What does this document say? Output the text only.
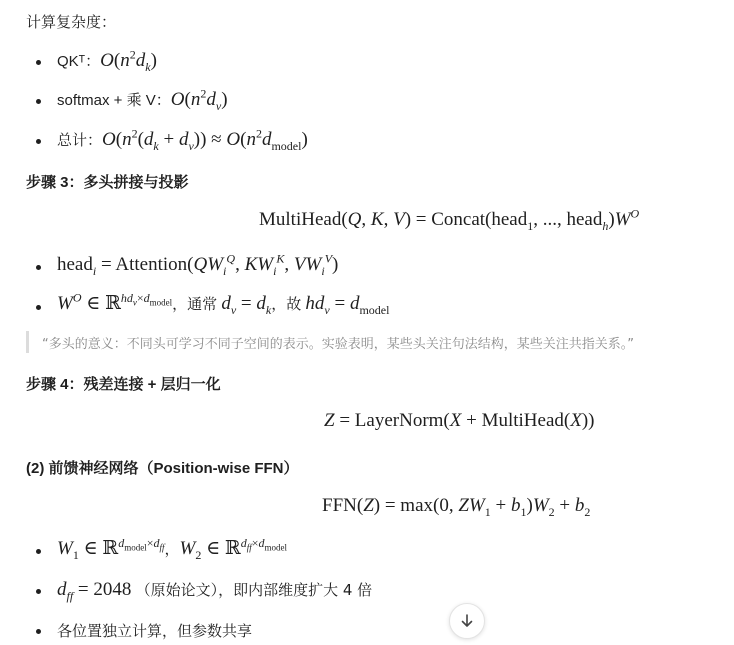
计算复杂度：
QKᵀ：$O(n^2d_k)$
softmax + 乘 V：$O(n^2d_v)$
总计：$O(n^2(d_k + d_v)) \approx O(n^2d_{model})$
步骤 3：多头拼接与投影
MultiHead(Q, K, V) = Concat(head$_1$, ..., $head_h)W^O$
head$_i$ = $Attention(QW_i^Q$, $KW_i^K$, $VW_i^V$)
$W^O$ ∈ ℝ$^{hd_v\times d_{model}}$，通常 $d_v = d_k$，故 $hd_v = d_{model}$
“多头的意义：不同头可学习不同子空间的表示。实验表明，某些头关注句法结构，某些关注共指关系。”
步骤 4：残差连接 + 层归一化
Z = LayerNorm(X + MultiHead(X))
(2) 前馈神经网络（Position-wise FFN）
FFN(Z) = max(0, $ZW_1 + b_1)W_2 + b_2$
$W_1$ ∈ ℝ$^{d_{model}\times d_{ff}}$，$W_2$ ∈ ℝ$^{d_{ff}\times d_{model}}$
$d_{ff} = 2048$ （原始论文），即内部维度扩大 4 倍
各位置独立计算，但参数共享
